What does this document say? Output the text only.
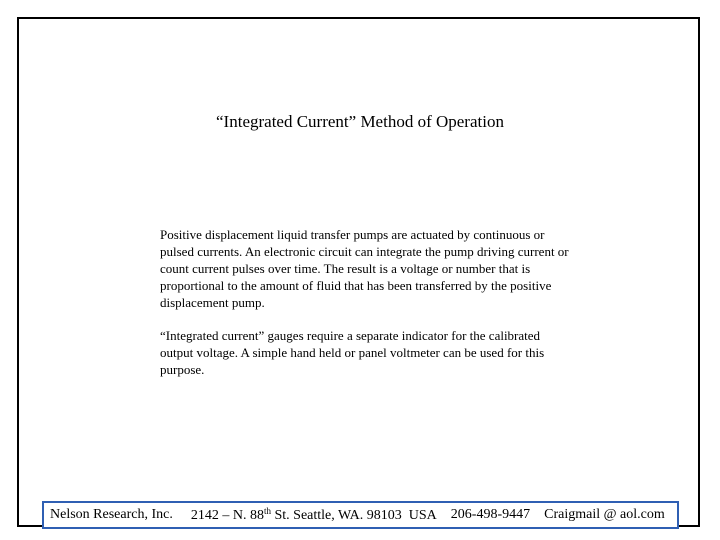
“Integrated Current” Method of Operation

Positive displacement liquid transfer pumps are actuated by continuous or pulsed currents. An electronic circuit can integrate the pump driving current or count current pulses over time. The result is a voltage or number that is proportional to the amount of fluid that has been transferred by the positive displacement pump.

“Integrated current” gauges require a separate indicator for the calibrated output voltage. A simple hand held or panel voltmeter can be used for this purpose.

Nelson Research, Inc. 2142 – N. 88th St. Seattle, WA. 98103  USA 206-498-9447 Craigmail @ aol.com
